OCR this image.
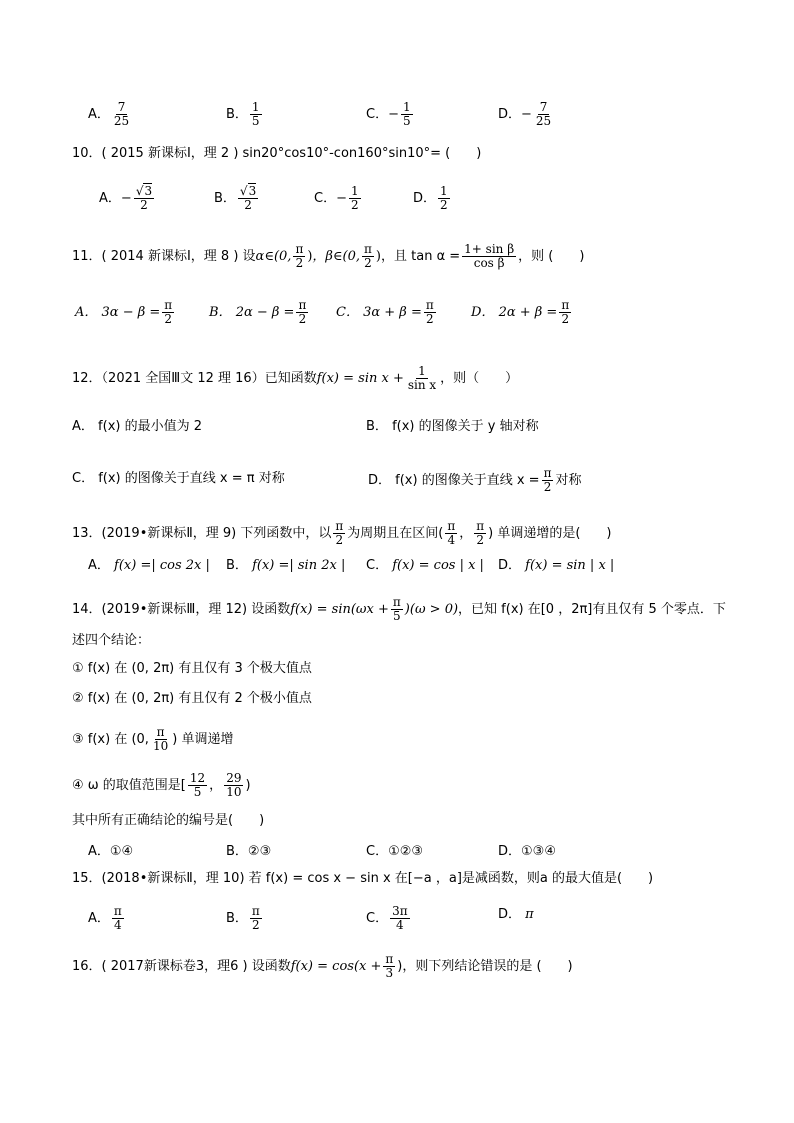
A． $\frac{7}{25}$	B． $\frac{1}{5}$	C．− $\frac{1}{5}$	D．− $\frac{7}{25}$
10．( 2015 新课标Ⅰ，理 2 ) sin20°cos10°-con160°sin10°= (　　)
A．− $\frac{√3}{2}$	B． $\frac{√3}{2}$	C．− $\frac{1}{2}$	D． $\frac{1}{2}$
11．( 2014 新课标Ⅰ，理 8 ) 设α∈(0, $\frac{\pi}{2}$ )，β∈(0, $\frac{\pi}{2}$ )，且 $\tan \alpha = \frac{\text{1+ sin β}}{\text{cos β}}$ ，则 (　　)
A． $3\alpha - \beta = \frac{\pi}{2}$	B． $2\alpha - \beta = \frac{\pi}{2}$ C． $3\alpha + \beta = \frac{\pi}{2}$	D． $2\alpha + \beta = \frac{\pi}{2}$
12．（2021 全国Ⅲ文 12 理 16）已知函数$f(x) = \sin x + \frac{1}{\text{sin x}}$ ，则（　　）
A． f(x) 的最小值为 2	B． f(x) 的图像关于 y 轴对称
C． f(x) 的图像关于直线 x = π 对称	D． f(x) 的图像关于直线 $x = \frac{\pi}{2}$ 对称
13．(2019•新课标Ⅱ，理 9) 下列函数中，以 $\frac{\pi}{2}$ 为周期且在区间( $\frac{\pi}{4}$ ， $\frac{\pi}{2}$ ) 单调递增的是(　　)
A． f(x) =| cos 2x | B． f(x) =| sin 2x | C． f(x) = cos | x | D． f(x) = sin | x |
14．(2019•新课标Ⅲ，理 12) 设函数$f(x) = \sin(\omega x + \frac{\pi}{5} )(\omega > 0)$，已知 f(x) 在[0 ，2π]有且仅有 5 个零点．下
述四个结论：
① f(x) 在 (0, 2π) 有且仅有 3 个极大值点
② f(x) 在 (0, 2π) 有且仅有 2 个极小值点
③ f(x) 在 (0, $\frac{\pi}{10}$ ) 单调递增
④ ω 的取值范围是[ $\frac{12}{5}$ ， $\frac{29}{10}$ )
其中所有正确结论的编号是(　　)
A．①④	B．②③	C．①②③	D．①③④
15．(2018•新课标Ⅱ，理 10) 若 f(x) = cos x − sin x 在[−a ，a]是减函数，则a 的最大值是(　　)
A． $\frac{\pi}{4}$	B． $\frac{\pi}{2}$	C． $\frac{3\pi}{4}$	D． π
16．( 2017新课标卷3，理6 ) 设函数$f(x) = \cos(x + \frac{\pi}{3}$ )，则下列结论错误的是 (　　)
